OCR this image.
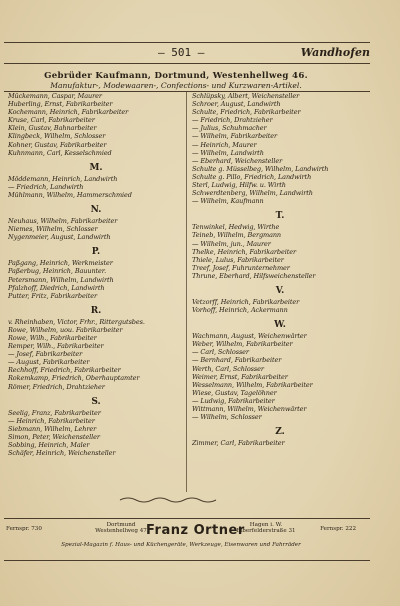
— 501 —	Wandhofen
Gebrüder Kaufmann, Dortmund, Westenhellweg 46.
Manufaktur-, Modewaaren-, Confections- und Kurzwaren-Artikel.
Mückemann, Caspar, Maurer
Huberling, Ernst, Fabrikarbeiter
Kochemann, Heinrich, Fabrikarbeiter
Kruse, Carl, Fabrikarbeiter
Klein, Gustav, Bahnarbeiter
Klingbeck, Wilhelm, Schlosser
Kohner, Gustav, Fabrikarbeiter
Kuhnmann, Carl, Kesselschmied
M.
Möddemann, Heinrich, Landwirth
— Friedrich, Landwirth
Mühlmann, Wilhelm, Hammerschmied
N.
Neuhaus, Wilhelm, Fabrikarbeiter
Niemes, Wilhelm, Schlosser
Nygenmeier, August, Landwirth
P.
Paßgang, Heinrich, Werkmeister
Paßerbug, Heinrich, Bauunter.
Petersmann, Wilhelm, Landwirth
Pfalzhoff, Diedrich, Landwirth
Putter, Fritz, Fabrikarbeiter
R.
v. Rheinhaben, Victor, Frhr., Rittergutsbes.
Rowe, Wilhelm, uou. Fabrikarbeiter
Rowe, Wilh., Fabrikarbeiter
Remper, Wilh., Fabrikarbeiter
— Josef, Fabrikarbeiter
— August, Fabrikarbeiter
Rechhoff, Friedrich, Fabrikarbeiter
Rokemkamp, Friedrich, Oberhauptamter
Römer, Friedrich, Drahtzieher
S.
Seelig, Franz, Fabrikarbeiter
— Heinrich, Fabrikarbeiter
Siebmann, Wilhelm, Lehrer
Simon, Peter, Weichensteller
Sobbing, Heinrich, Maler
Schäfer, Heinrich, Weichensteller
Schlüpsky, Albert, Weichensteller
Schroer, August, Landwirth
Schulte, Friedrich, Fabrikarbeiter
— Friedrich, Drahtzieher
— Julius, Schuhmacher
— Wilhelm, Fabrikarbeiter
— Heinrich, Maurer
— Wilhelm, Landwirth
— Eberhard, Weichensteller
Schulte g. Müsselbeg, Wilhelm, Landwirth
Schulte g. Pillo, Friedrich, Landwirth
Sterl, Ludwig, Hilfw. u. Wirth
Schwerdtenberg, Wilhelm, Landwirth
— Wilhelm, Kaufmann
T.
Tenwinkel, Hedwig, Wirthe
Teineb, Wilhelm, Bergmann
— Wilhelm, jun., Maurer
Thelke, Heinrich, Fabrikarbeiter
Thiele, Lulus, Fabrikarbeiter
Treef, Josef, Fuhrunternehmer
Thrune, Eberhard, Hilfsweichensteller
V.
Vetzorff, Heinrich, Fabrikarbeiter
Vorhoff, Heinrich, Ackermann
W.
Wachmann, August, Weichenwärter
Weber, Wilhelm, Fabrikarbeiter
— Carl, Schlosser
— Bernhard, Fabrikarbeiter
Werth, Carl, Schlosser
Weimer, Ernst, Fabrikarbeiter
Wesselmann, Wilhelm, Fabrikarbeiter
Wiese, Gustav, Tagelöhner
— Ludwig, Fabrikarbeiter
Wittmann, Wilhelm, Weichenwärter
— Wilhelm, Schlosser
Z.
Zimmer, Carl, Fabrikarbeiter
Fernspr. 730
Dortmund
Westenhellweg 47 Franz Ortner Hagen i. W.
Elberfelderstraße 31	Fernspr. 222
Spezial-Magazin f. Haus- und Küchengeräte, Werkzeuge, Eisenwaren und Fahrräder
